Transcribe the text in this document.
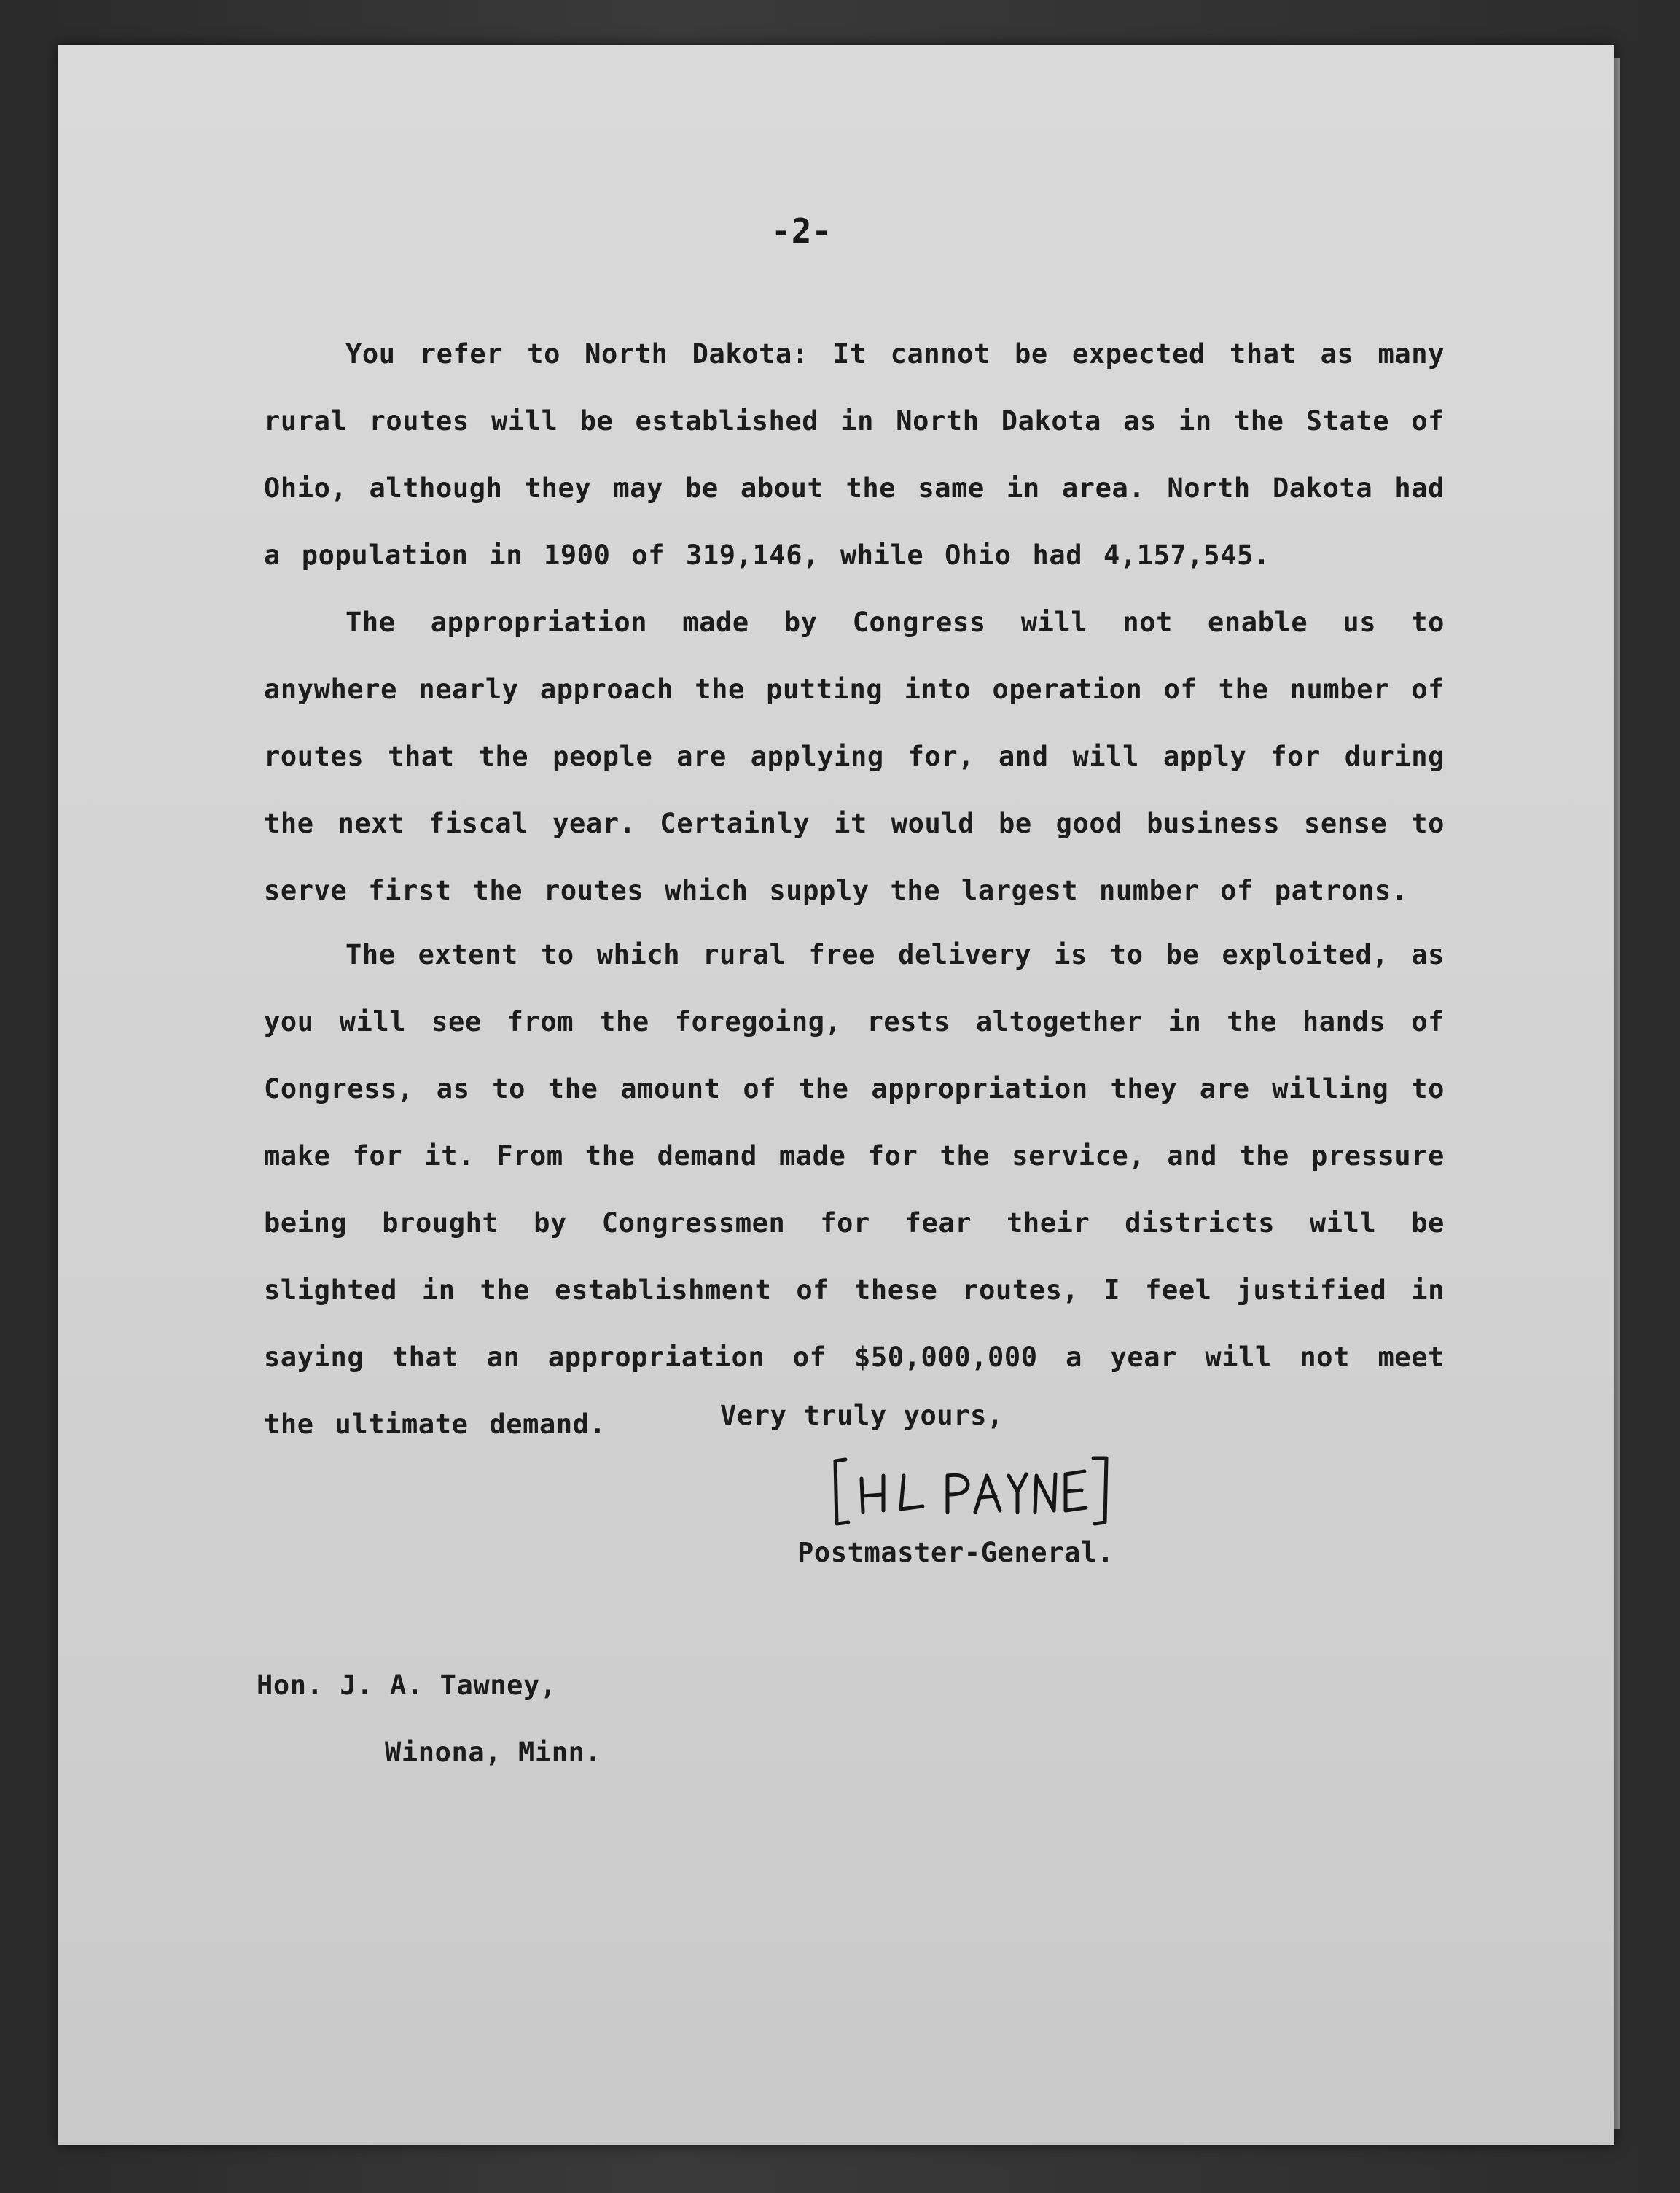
-2-

You refer to North Dakota: It cannot be expected that as many rural routes will be established in North Dakota as in the State of Ohio, although they may be about the same in area. North Dakota had a population in 1900 of 319,146, while Ohio had 4,157,545.

The appropriation made by Congress will not enable us to anywhere nearly approach the putting into operation of the number of routes that the people are applying for, and will apply for during the next fiscal year. Certainly it would be good business sense to serve first the routes which supply the largest number of patrons.

The extent to which rural free delivery is to be exploited, as you will see from the foregoing, rests altogether in the hands of Congress, as to the amount of the appropriation they are willing to make for it. From the demand made for the service, and the pressure being brought by Congressmen for fear their districts will be slighted in the establishment of these routes, I feel justified in saying that an appropriation of $50,000,000 a year will not meet the ultimate demand.	Very truly yours,
Postmaster-General.
Hon. J. A. Tawney,
Winona, Minn.
